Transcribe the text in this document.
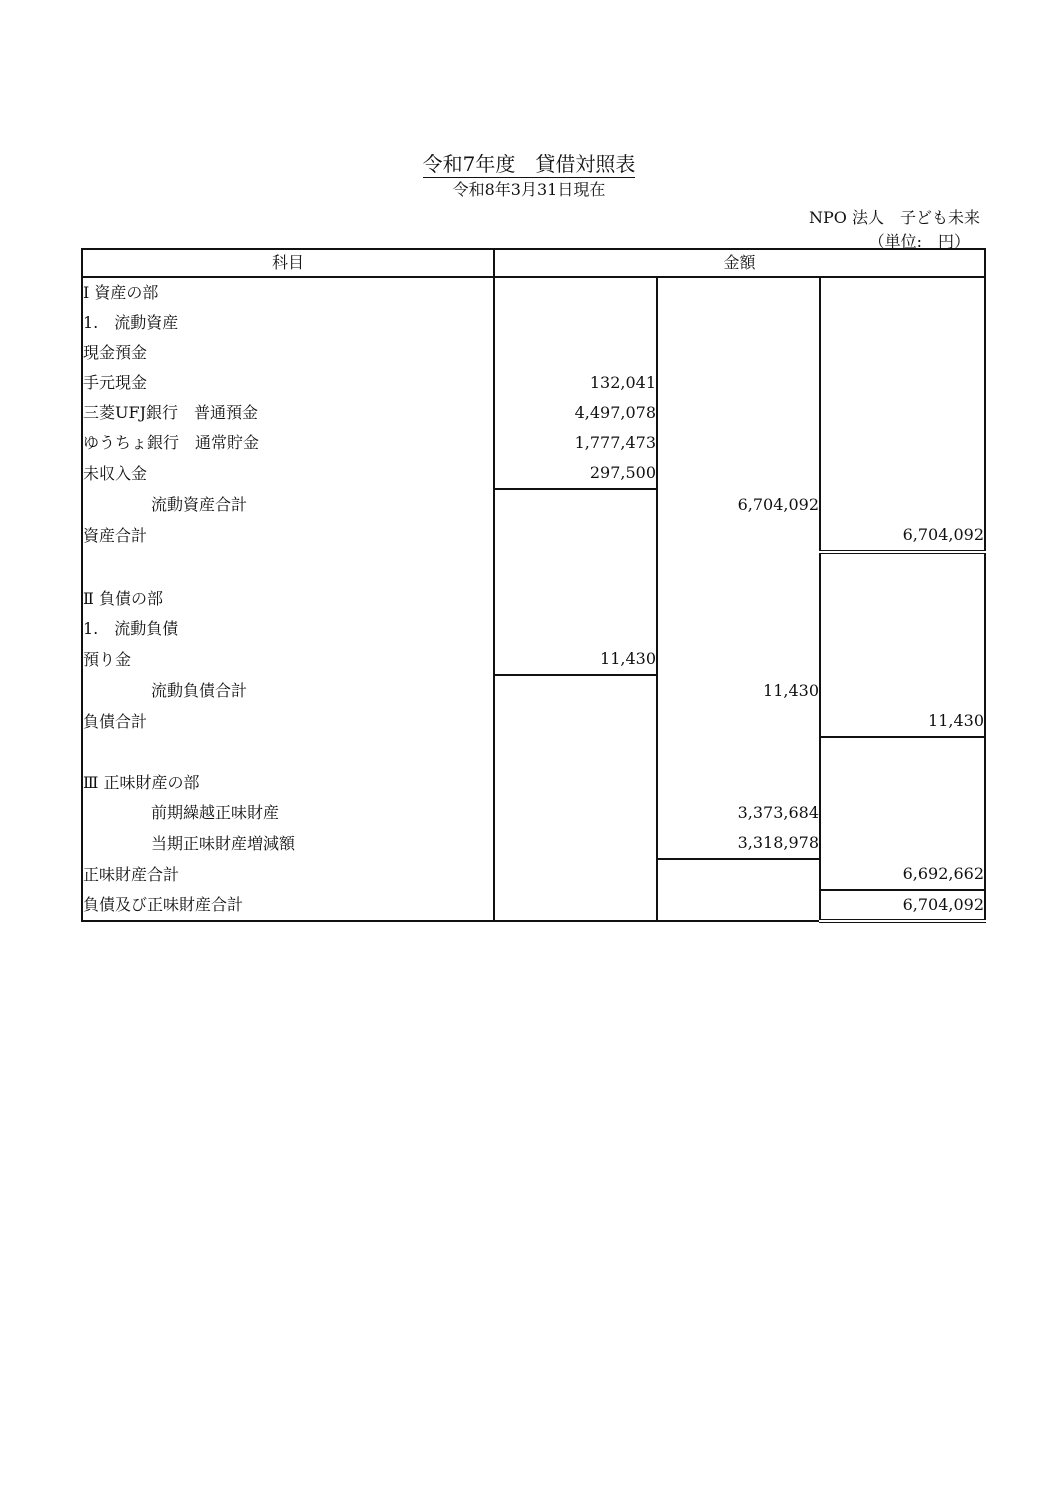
令和7年度　貸借対照表
令和8年3月31日現在
NPO 法人　子ども未来
（単位:　円）
科目	金額		
Ⅰ 資産の部			
1.　流動資産			
現金預金			
手元現金	132,041		
三菱UFJ銀行　普通預金	4,497,078		
ゆうちょ銀行　通常貯金	1,777,473		
未収入金	297,500		
流動資産合計		6,704,092	
資産合計			6,704,092

Ⅱ 負債の部			
1.　流動負債			
預り金	11,430		
流動負債合計		11,430	
負債合計			11,430

Ⅲ 正味財産の部			
前期繰越正味財産		3,373,684	
当期正味財産増減額		3,318,978	
正味財産合計			6,692,662
負債及び正味財産合計			6,704,092
